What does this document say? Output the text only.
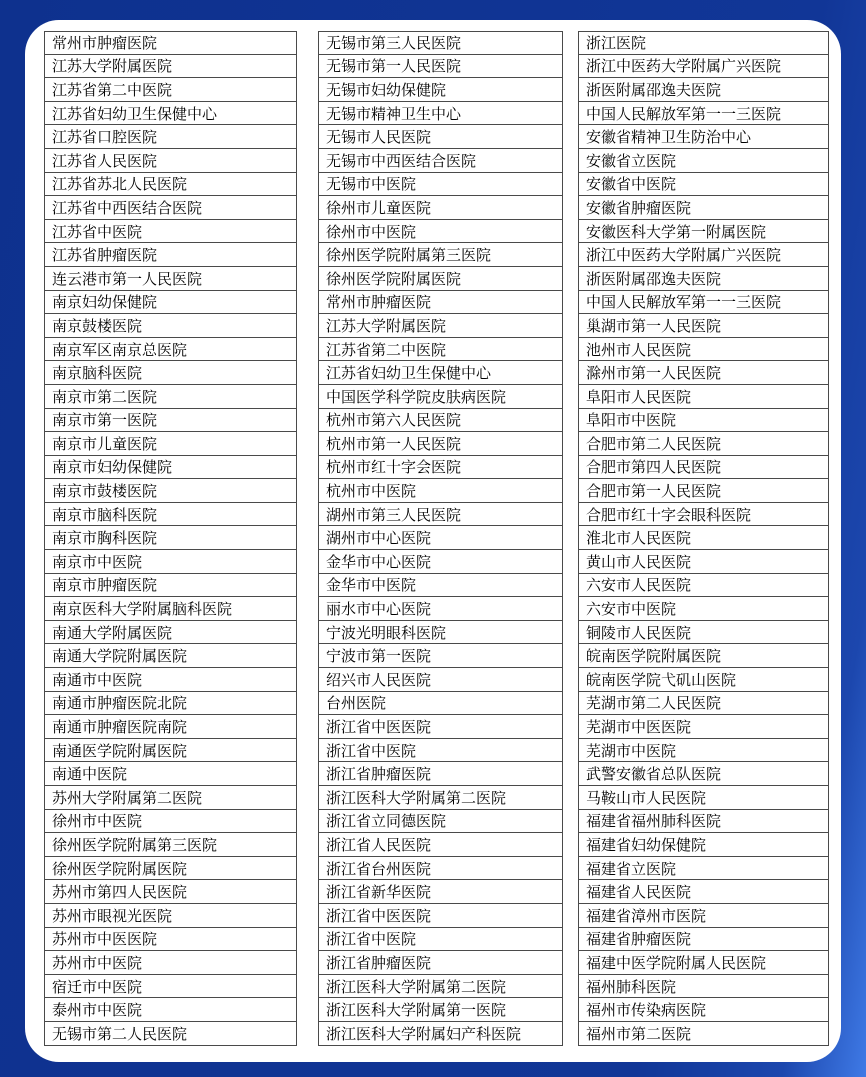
常州市肿瘤医院
江苏大学附属医院
江苏省第二中医院
江苏省妇幼卫生保健中心
江苏省口腔医院
江苏省人民医院
江苏省苏北人民医院
江苏省中西医结合医院
江苏省中医院
江苏省肿瘤医院
连云港市第一人民医院
南京妇幼保健院
南京鼓楼医院
南京军区南京总医院
南京脑科医院
南京市第二医院
南京市第一医院
南京市儿童医院
南京市妇幼保健院
南京市鼓楼医院
南京市脑科医院
南京市胸科医院
南京市中医院
南京市肿瘤医院
南京医科大学附属脑科医院
南通大学附属医院
南通大学院附属医院
南通市中医院
南通市肿瘤医院北院
南通市肿瘤医院南院
南通医学院附属医院
南通中医院
苏州大学附属第二医院
徐州市中医院
徐州医学院附属第三医院
徐州医学院附属医院
苏州市第四人民医院
苏州市眼视光医院
苏州市中医医院
苏州市中医院
宿迁市中医院
泰州市中医院
无锡市第二人民医院
无锡市第三人民医院
无锡市第一人民医院
无锡市妇幼保健院
无锡市精神卫生中心
无锡市人民医院
无锡市中西医结合医院
无锡市中医院
徐州市儿童医院
徐州市中医院
徐州医学院附属第三医院
徐州医学院附属医院
常州市肿瘤医院
江苏大学附属医院
江苏省第二中医院
江苏省妇幼卫生保健中心
中国医学科学院皮肤病医院
杭州市第六人民医院
杭州市第一人民医院
杭州市红十字会医院
杭州市中医院
湖州市第三人民医院
湖州市中心医院
金华市中心医院
金华市中医院
丽水市中心医院
宁波光明眼科医院
宁波市第一医院
绍兴市人民医院
台州医院
浙江省中医医院
浙江省中医院
浙江省肿瘤医院
浙江医科大学附属第二医院
浙江省立同德医院
浙江省人民医院
浙江省台州医院
浙江省新华医院
浙江省中医医院
浙江省中医院
浙江省肿瘤医院
浙江医科大学附属第二医院
浙江医科大学附属第一医院
浙江医科大学附属妇产科医院
浙江医院
浙江中医药大学附属广兴医院
浙医附属邵逸夫医院
中国人民解放军第一一三医院
安徽省精神卫生防治中心
安徽省立医院
安徽省中医院
安徽省肿瘤医院
安徽医科大学第一附属医院
浙江中医药大学附属广兴医院
浙医附属邵逸夫医院
中国人民解放军第一一三医院
巢湖市第一人民医院
池州市人民医院
滁州市第一人民医院
阜阳市人民医院
阜阳市中医院
合肥市第二人民医院
合肥市第四人民医院
合肥市第一人民医院
合肥市红十字会眼科医院
淮北市人民医院
黄山市人民医院
六安市人民医院
六安市中医院
铜陵市人民医院
皖南医学院附属医院
皖南医学院弋矶山医院
芜湖市第二人民医院
芜湖市中医医院
芜湖市中医院
武警安徽省总队医院
马鞍山市人民医院
福建省福州肺科医院
福建省妇幼保健院
福建省立医院
福建省人民医院
福建省漳州市医院
福建省肿瘤医院
福建中医学院附属人民医院
福州肺科医院
福州市传染病医院
福州市第二医院
